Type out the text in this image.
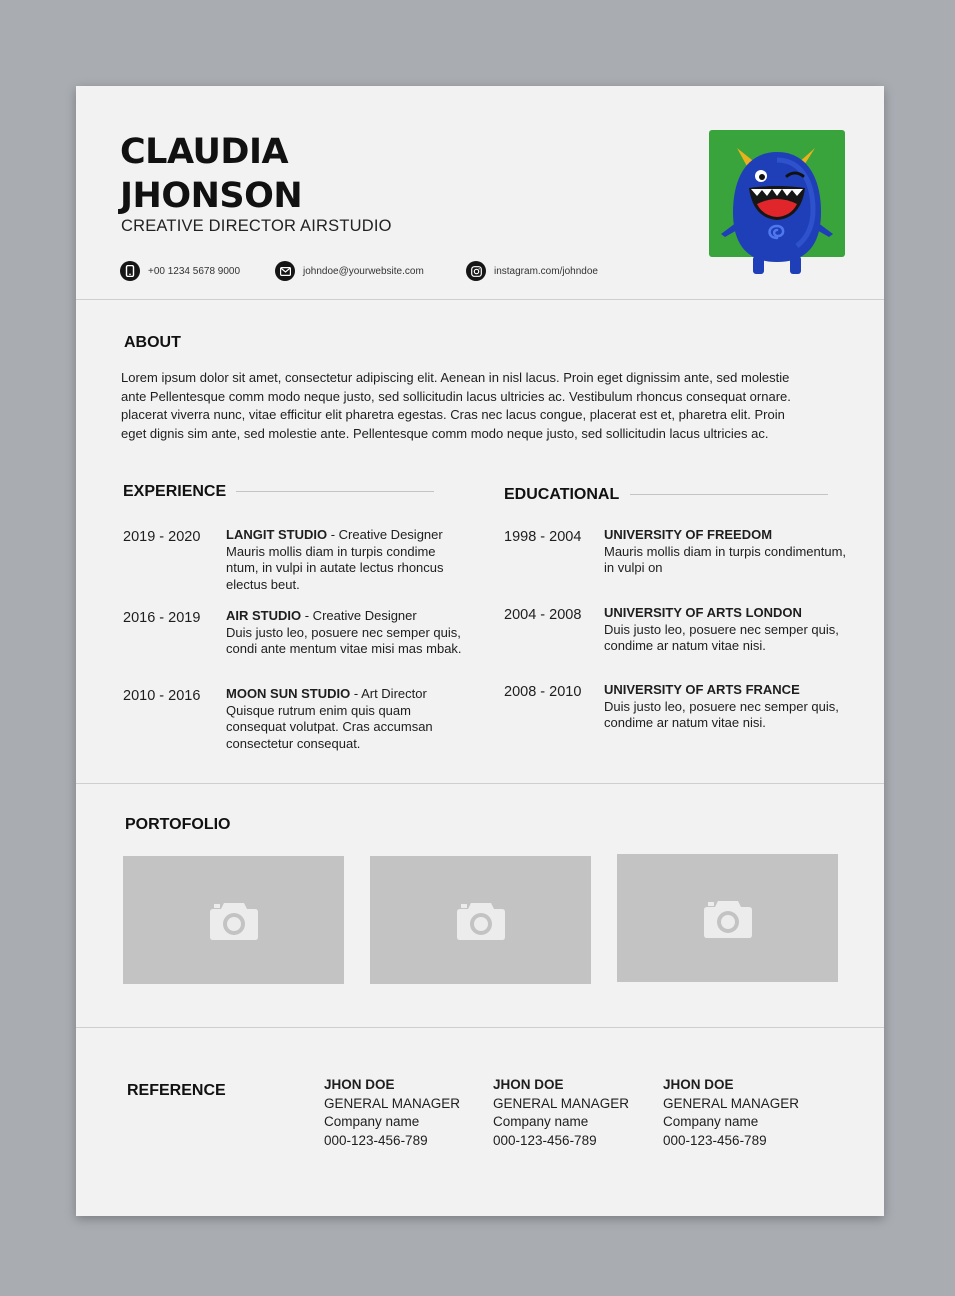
CLAUDIA
JHONSON
CREATIVE DIRECTOR AIRSTUDIO
+00 1234 5678 9000	johndoe@yourwebsite.com	instagram.com/johndoe
ABOUT
Lorem ipsum dolor sit amet, consectetur adipiscing elit. Aenean in nisl lacus. Proin eget dignissim ante, sed molestie ante Pellentesque comm modo neque justo, sed sollicitudin lacus ultricies ac. Vestibulum rhoncus consequat ornare. placerat viverra nunc, vitae efficitur elit pharetra egestas. Cras nec lacus congue, placerat est et, pharetra elit. Proin eget dignis sim ante, sed molestie ante. Pellentesque comm modo neque justo, sed sollicitudin lacus ultricies ac.
EXPERIENCE
2019 - 2020 LANGIT STUDIO - Creative Designer
Mauris mollis diam in turpis condime ntum, in vulpi in autate lectus rhoncus electus beut.
2016 - 2019 AIR STUDIO - Creative Designer
Duis justo leo, posuere nec semper quis, condi ante mentum vitae misi mas mbak.
2010 - 2016 MOON SUN STUDIO - Art Director
Quisque rutrum enim quis quam consequat volutpat. Cras accumsan consectetur consequat.
EDUCATIONAL
1998 - 2004 UNIVERSITY OF FREEDOM
Mauris mollis diam in turpis condimentum, in vulpi on
2004 - 2008 UNIVERSITY OF ARTS LONDON
Duis justo leo, posuere nec semper quis, condime ar natum vitae nisi.
2008 - 2010 UNIVERSITY OF ARTS FRANCE
Duis justo leo, posuere nec semper quis, condime ar natum vitae nisi.
PORTOFOLIO
REFERENCE	JHON DOE
GENERAL MANAGER
Company name
000-123-456-789
JHON DOE
GENERAL MANAGER
Company name
000-123-456-789
JHON DOE
GENERAL MANAGER
Company name
000-123-456-789
